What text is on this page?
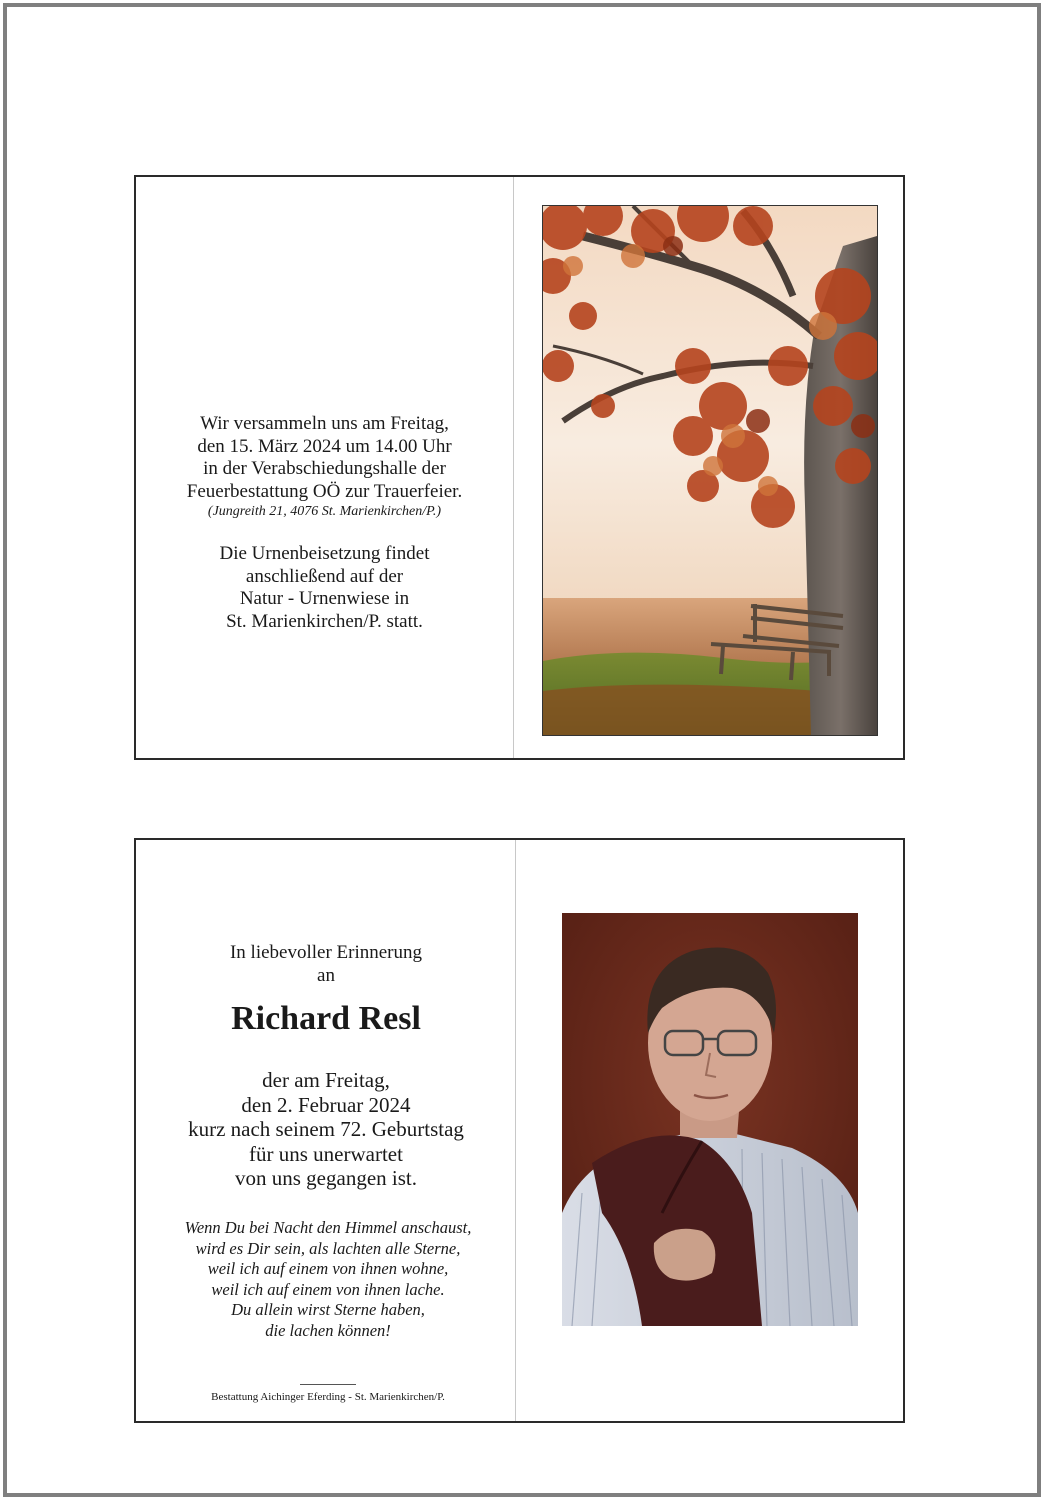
Wir versammeln uns am Freitag,
den 15. März 2024 um 14.00 Uhr
in der Verabschiedungshalle der
Feuerbestattung OÖ zur Trauerfeier.
(Jungreith 21, 4076 St. Marienkirchen/P.)
Die Urnenbeisetzung findet
anschließend auf der
Natur - Urnenwiese in
St. Marienkirchen/P. statt.
In liebevoller Erinnerung
an
Richard Resl
der am Freitag,
den 2. Februar 2024
kurz nach seinem 72. Geburtstag
für uns unerwartet
von uns gegangen ist.
Wenn Du bei Nacht den Himmel anschaust,
wird es Dir sein, als lachten alle Sterne,
weil ich auf einem von ihnen wohne,
weil ich auf einem von ihnen lache.
Du allein wirst Sterne haben,
die lachen können!
Bestattung Aichinger Eferding - St. Marienkirchen/P.
